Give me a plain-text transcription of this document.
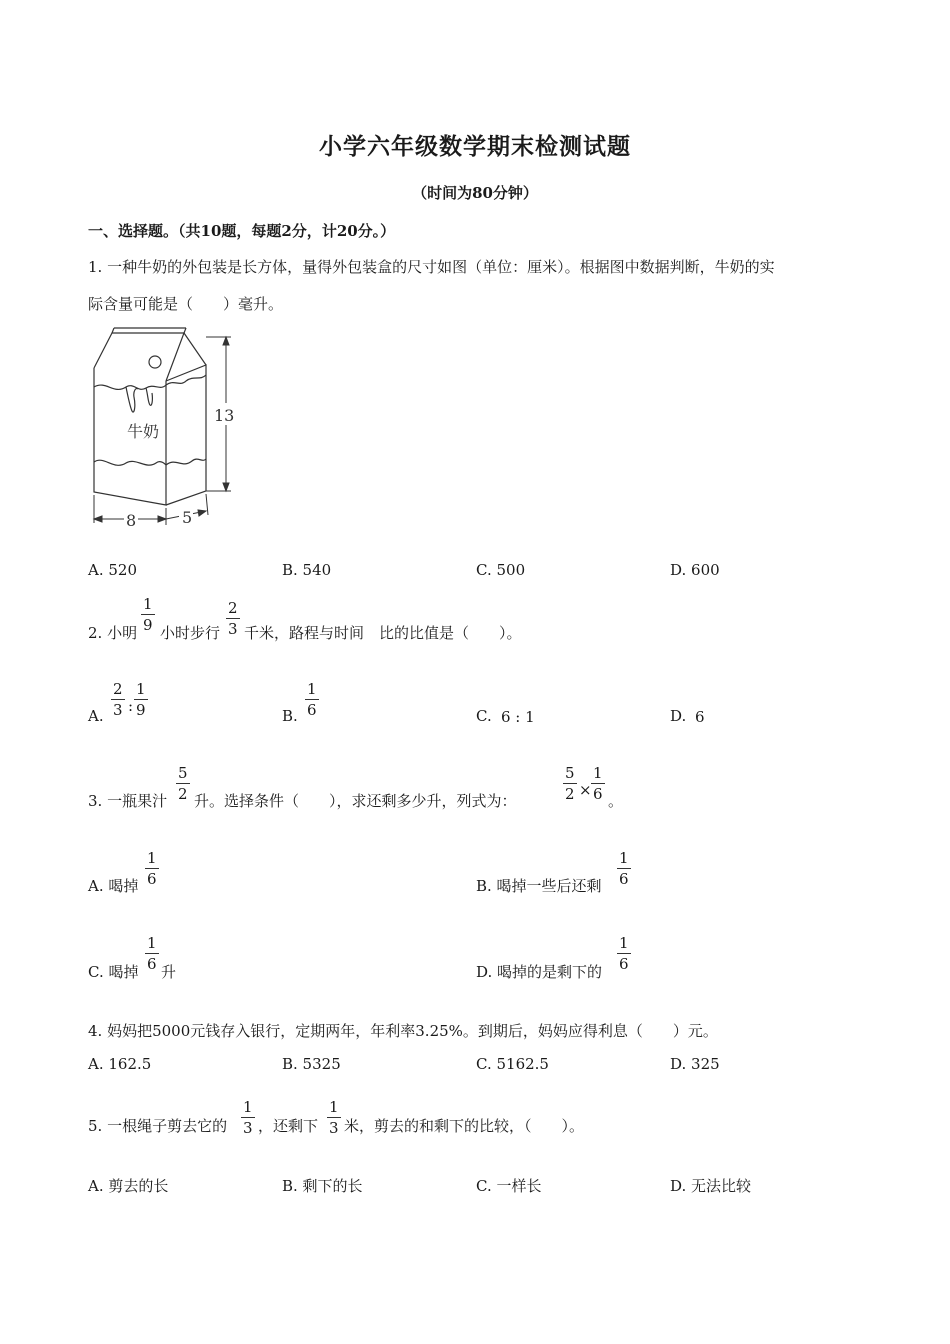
小学六年级数学期末检测试题
（时间为80分钟）
一、选择题。（共10题，每题2分，计20分。）
1. 一种牛奶的外包装是长方体，量得外包装盒的尺寸如图（单位：厘米）。根据图中数据判断，牛奶的实
际含量可能是（　　）毫升。
13
牛奶
8	5
A. 520	B. 540	C. 500	D. 600
2. 小明
1
9 小时步行
2
3 千米，路程与时间　比的比值是（　　）。
A.
2
3 :
1
9	B.
1
6	C. 6 : 1	D. 6
3. 一瓶果汁
5
2 升。选择条件（　　），求还剩多少升，列式为：
5
2 ×
1
6 。
A. 喝掉
1
6	B. 喝掉一些后还剩
1
6
C. 喝掉
1
6 升	D. 喝掉的是剩下的
1
6
4. 妈妈把5000元钱存入银行，定期两年，年利率3.25%。到期后，妈妈应得利息（　　）元。
A. 162.5	B. 5325	C. 5162.5	D. 325
5. 一根绳子剪去它的
1
3 ，还剩下
1
3 米，剪去的和剩下的比较，（　　）。
A. 剪去的长	B. 剩下的长	C. 一样长	D. 无法比较
